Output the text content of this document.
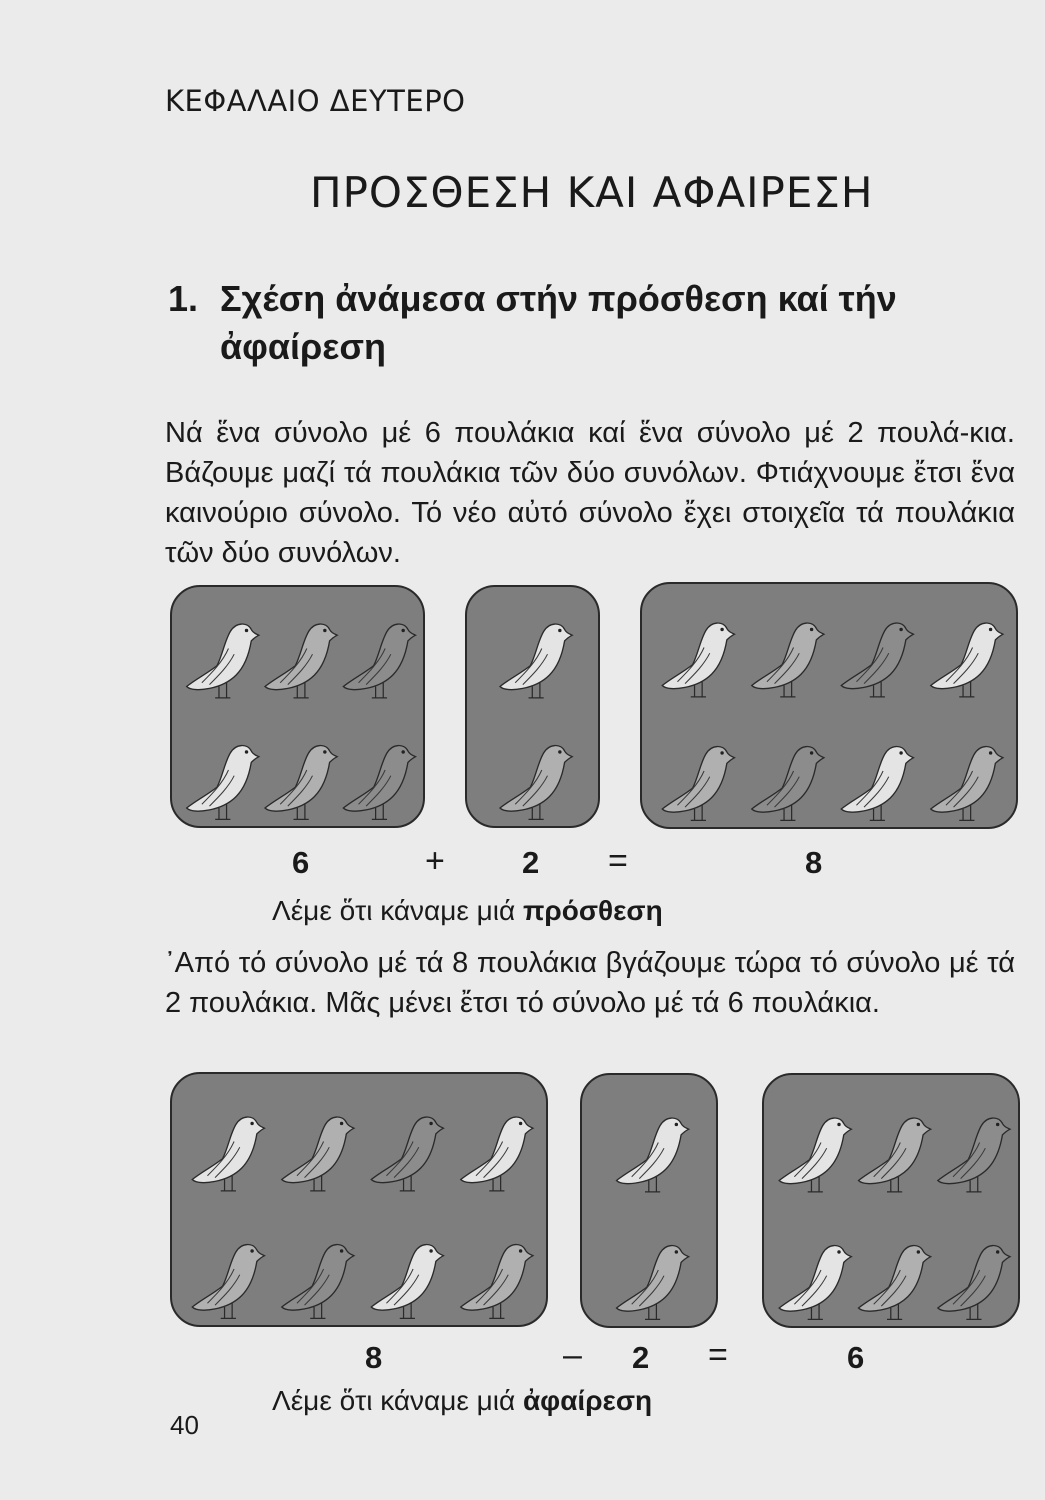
ΚΕΦΑΛΑΙΟ ΔΕΥΤΕΡΟ
ΠΡΟΣΘΕΣΗ ΚΑΙ ΑΦΑΙΡΕΣΗ
1. Σχέση ἀνάμεσα στήν πρόσθεση καί τήν ἀφαίρεση
Νά ἕνα σύνολο μέ 6 πουλάκια καί ἕνα σύνολο μέ 2 πουλά-κια. Βάζουμε μαζί τά πουλάκια τῶν δύο συνόλων. Φτιάχνουμε ἔτσι ἕνα καινούριο σύνολο. Τό νέο αὐτό σύνολο ἔχει στοιχεῖα τά πουλάκια τῶν δύο συνόλων.
6	+ 2 =	8
Λέμε ὅτι κάναμε μιά πρόσθεση
᾿Από τό σύνολο μέ τά 8 πουλάκια βγάζουμε τώρα τό σύνολο μέ τά 2 πουλάκια. Μᾶς μένει ἔτσι τό σύνολο μέ τά 6 πουλάκια.
8	– 2 =	6
Λέμε ὅτι κάναμε μιά ἀφαίρεση
40
